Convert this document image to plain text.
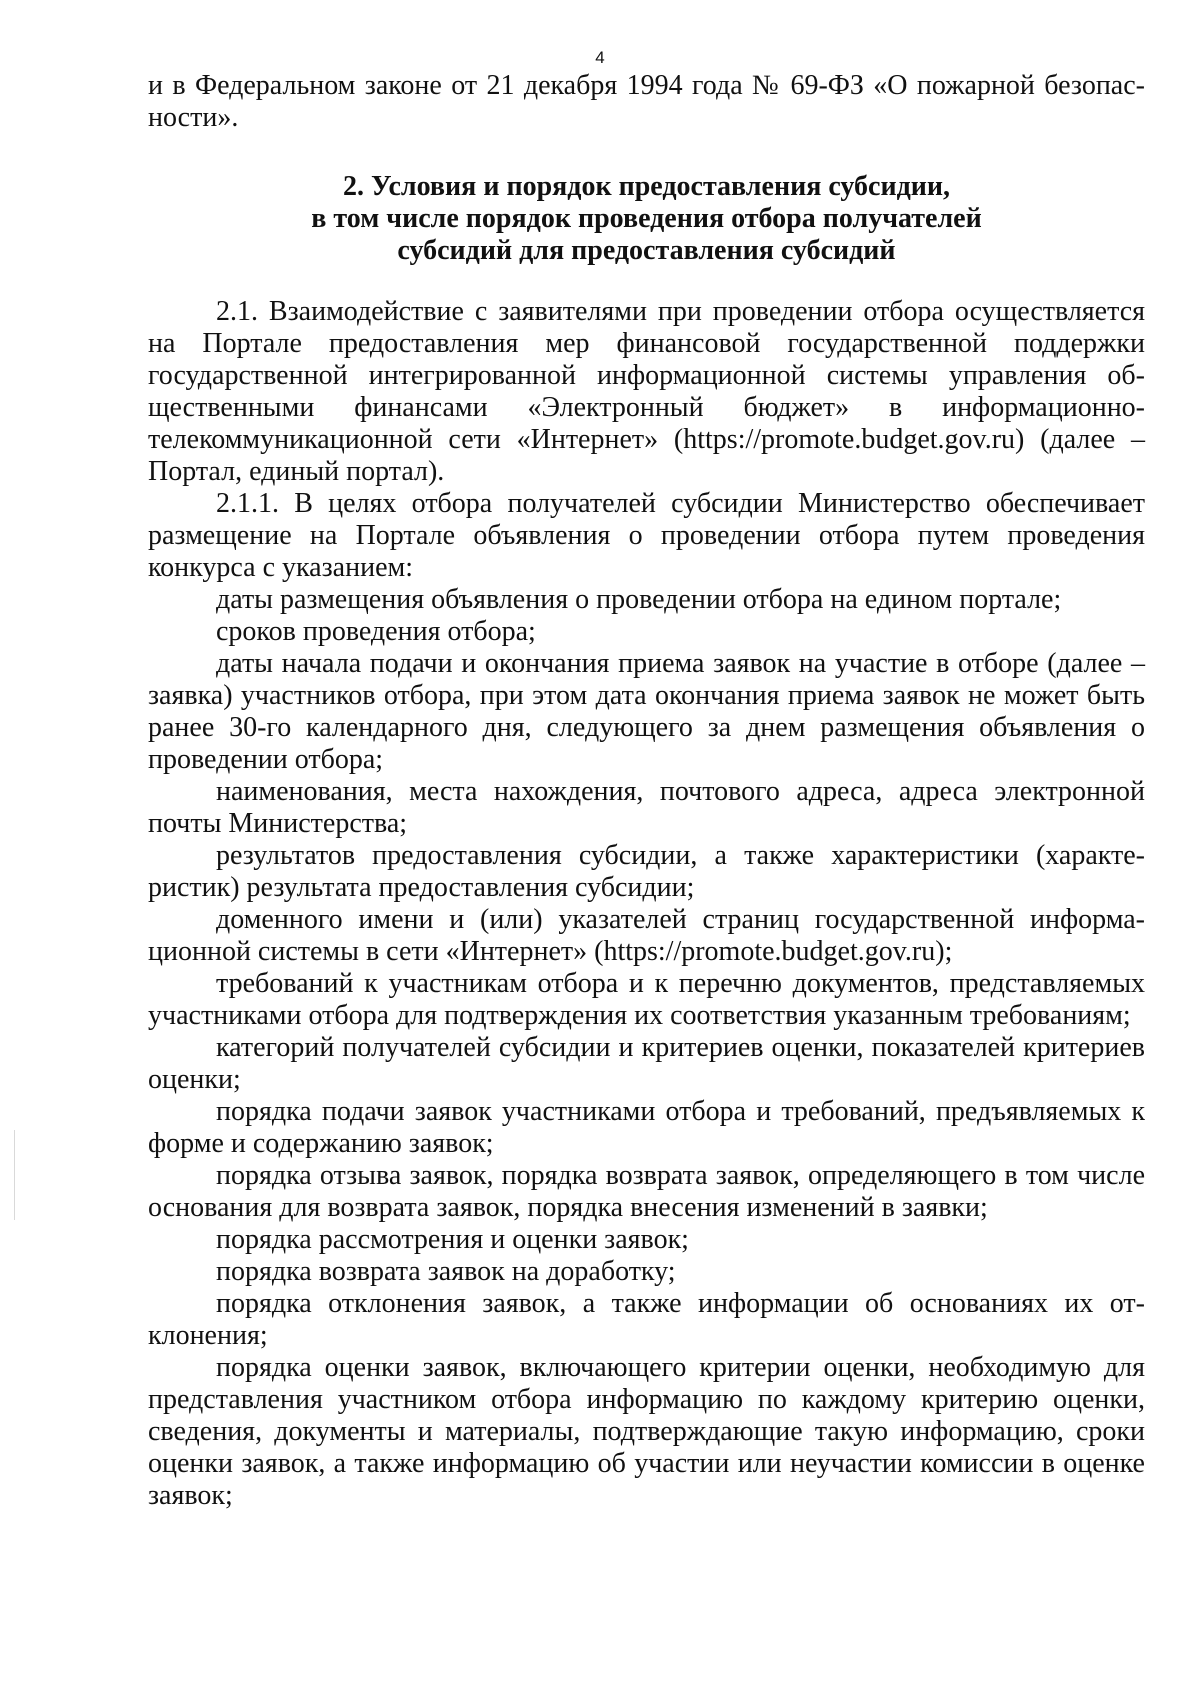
4

и в Федеральном законе от 21 декабря 1994 года № 69-ФЗ «О пожарной безопасности».

2. Условия и порядок предоставления субсидии,
в том числе порядок проведения отбора получателей
субсидий для предоставления субсидий

2.1. Взаимодействие с заявителями при проведении отбора осуществляется на Портале предоставления мер финансовой государственной поддержки государственной интегрированной информационной системы управления общественными финансами «Электронный бюджет» в информационно-телекоммуникационной сети «Интернет» (https://promote.budget.gov.ru) (далее – Портал, единый портал).

2.1.1. В целях отбора получателей субсидии Министерство обеспечивает размещение на Портале объявления о проведении отбора путем проведения конкурса с указанием:

даты размещения объявления о проведении отбора на едином портале;

сроков проведения отбора;

даты начала подачи и окончания приема заявок на участие в отборе (далее – заявка) участников отбора, при этом дата окончания приема заявок не может быть ранее 30-го календарного дня, следующего за днем размещения объявления о проведении отбора;

наименования, места нахождения, почтового адреса, адреса электронной почты Министерства;

результатов предоставления субсидии, а также характеристики (характеристик) результата предоставления субсидии;

доменного имени и (или) указателей страниц государственной информационной системы в сети «Интернет» (https://promote.budget.gov.ru);

требований к участникам отбора и к перечню документов, представляемых участниками отбора для подтверждения их соответствия указанным требованиям;

категорий получателей субсидии и критериев оценки, показателей критериев оценки;

порядка подачи заявок участниками отбора и требований, предъявляемых к форме и содержанию заявок;

порядка отзыва заявок, порядка возврата заявок, определяющего в том числе основания для возврата заявок, порядка внесения изменений в заявки;

порядка рассмотрения и оценки заявок;

порядка возврата заявок на доработку;

порядка отклонения заявок, а также информации об основаниях их отклонения;

порядка оценки заявок, включающего критерии оценки, необходимую для представления участником отбора информацию по каждому критерию оценки, сведения, документы и материалы, подтверждающие такую информацию, сроки оценки заявок, а также информацию об участии или неучастии комиссии в оценке заявок;
